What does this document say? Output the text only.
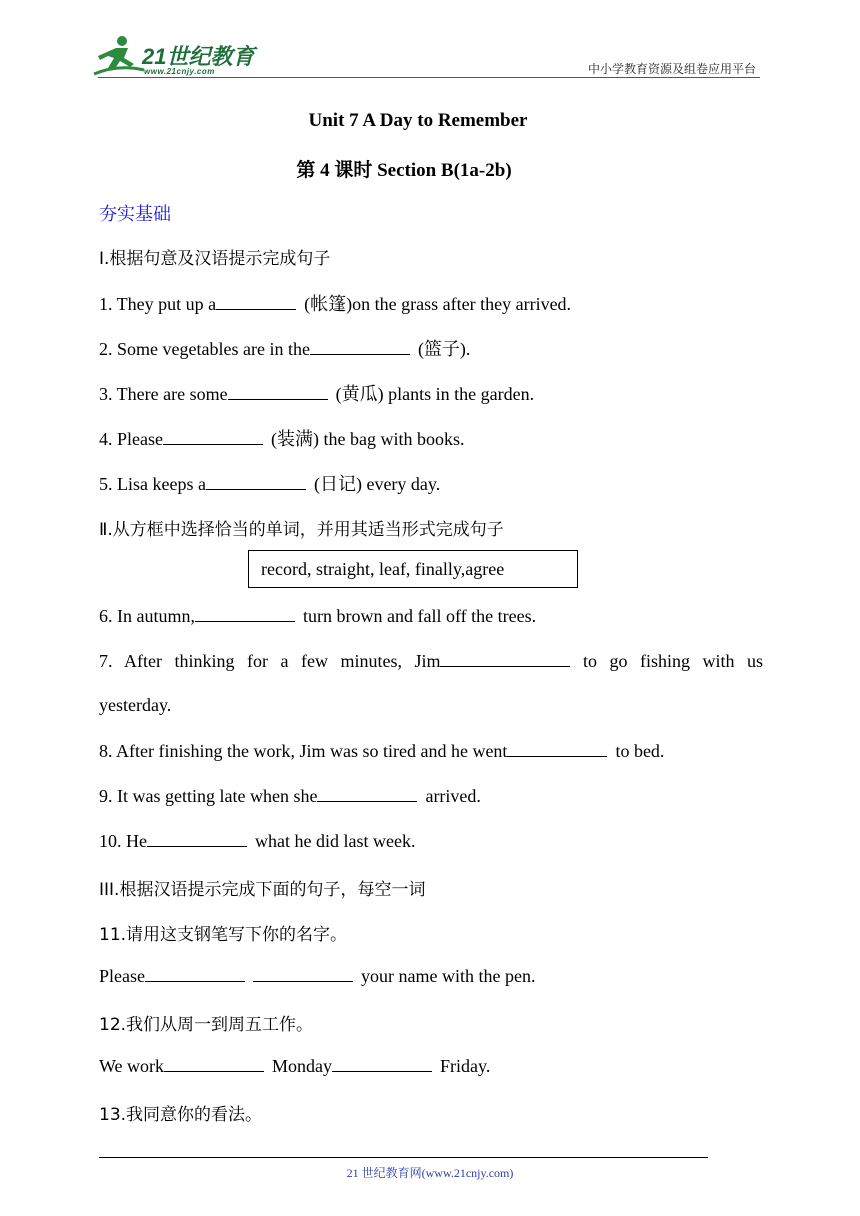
21世纪教育
www.21cnjy.com	中小学教育资源及组卷应用平台
Unit 7 A Day to Remember
第 4 课时 Section B(1a-2b)
夯实基础
I.根据句意及汉语提示完成句子
1. They put up a	(帐篷)on the grass after they arrived.
2. Some vegetables are in the	(篮子).
3. There are some	(黄瓜) plants in the garden.
4. Please	(装满) the bag with books.
5. Lisa keeps a	(日记) every day.
Ⅱ.从方框中选择恰当的单词，并用其适当形式完成句子
record, straight, leaf, finally,agree
6. In autumn,	turn brown and fall off the trees.
7. After thinking for a few minutes, Jim	to go fishing with us
yesterday.
8. After finishing the work, Jim was so tired and he went	to bed.
9. It was getting late when she	arrived.
10. He	what he did last week.
III.根据汉语提示完成下面的句子，每空一词
11.请用这支钢笔写下你的名字。
Please	your name with the pen.
12.我们从周一到周五工作。
We work	Monday	Friday.
13.我同意你的看法。
21 世纪教育网(www.21cnjy.com)
